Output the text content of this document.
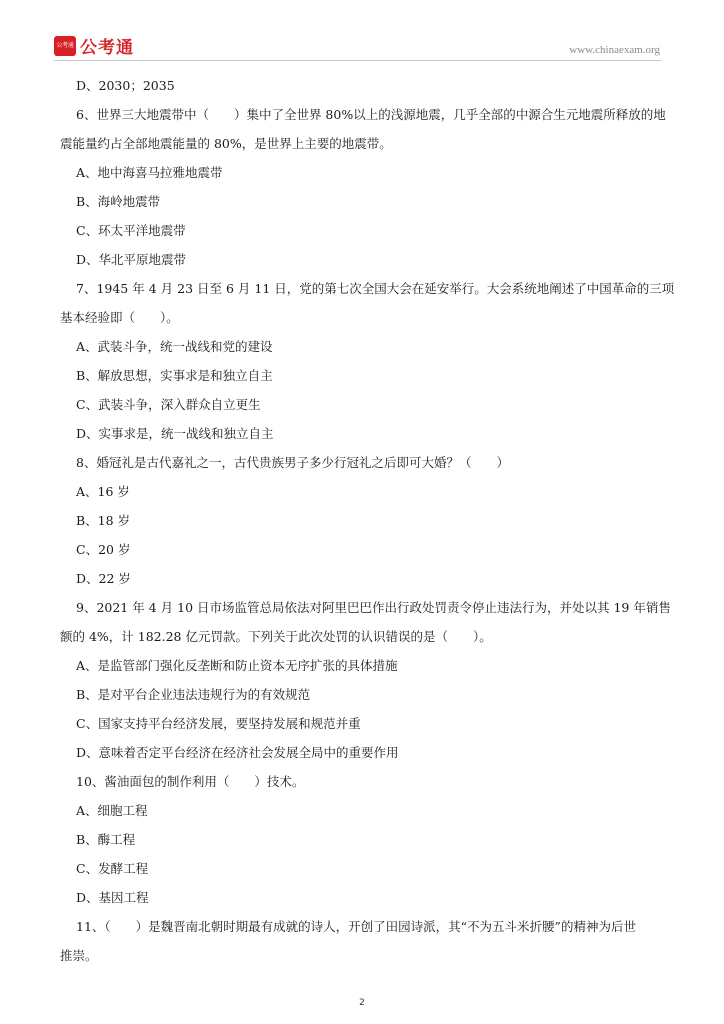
公考通 公考通	www.chinaexam.org

D、2030；2035

6、世界三大地震带中（　　）集中了全世界 80%以上的浅源地震，几乎全部的中源合生元地震所释放的地

震能量约占全部地震能量的 80%，是世界上主要的地震带。

A、地中海喜马拉雅地震带

B、海岭地震带

C、环太平洋地震带

D、华北平原地震带

7、1945 年 4 月 23 日至 6 月 11 日，党的第七次全国大会在延安举行。大会系统地阐述了中国革命的三项

基本经验即（　　）。

A、武装斗争，统一战线和党的建设

B、解放思想，实事求是和独立自主

C、武装斗争，深入群众自立更生

D、实事求是，统一战线和独立自主

8、婚冠礼是古代嘉礼之一，古代贵族男子多少行冠礼之后即可大婚？（　　）

A、16 岁

B、18 岁

C、20 岁

D、22 岁

9、2021 年 4 月 10 日市场监管总局依法对阿里巴巴作出行政处罚责令停止违法行为，并处以其 19 年销售

额的 4%，计 182.28 亿元罚款。下列关于此次处罚的认识错误的是（　　）。

A、是监管部门强化反垄断和防止资本无序扩张的具体措施

B、是对平台企业违法违规行为的有效规范

C、国家支持平台经济发展，要坚持发展和规范并重

D、意味着否定平台经济在经济社会发展全局中的重要作用

10、酱油面包的制作利用（　　）技术。

A、细胞工程

B、酶工程

C、发酵工程

D、基因工程

11、（　　）是魏晋南北朝时期最有成就的诗人，开创了田园诗派，其“不为五斗米折腰”的精神为后世

推崇。

2
